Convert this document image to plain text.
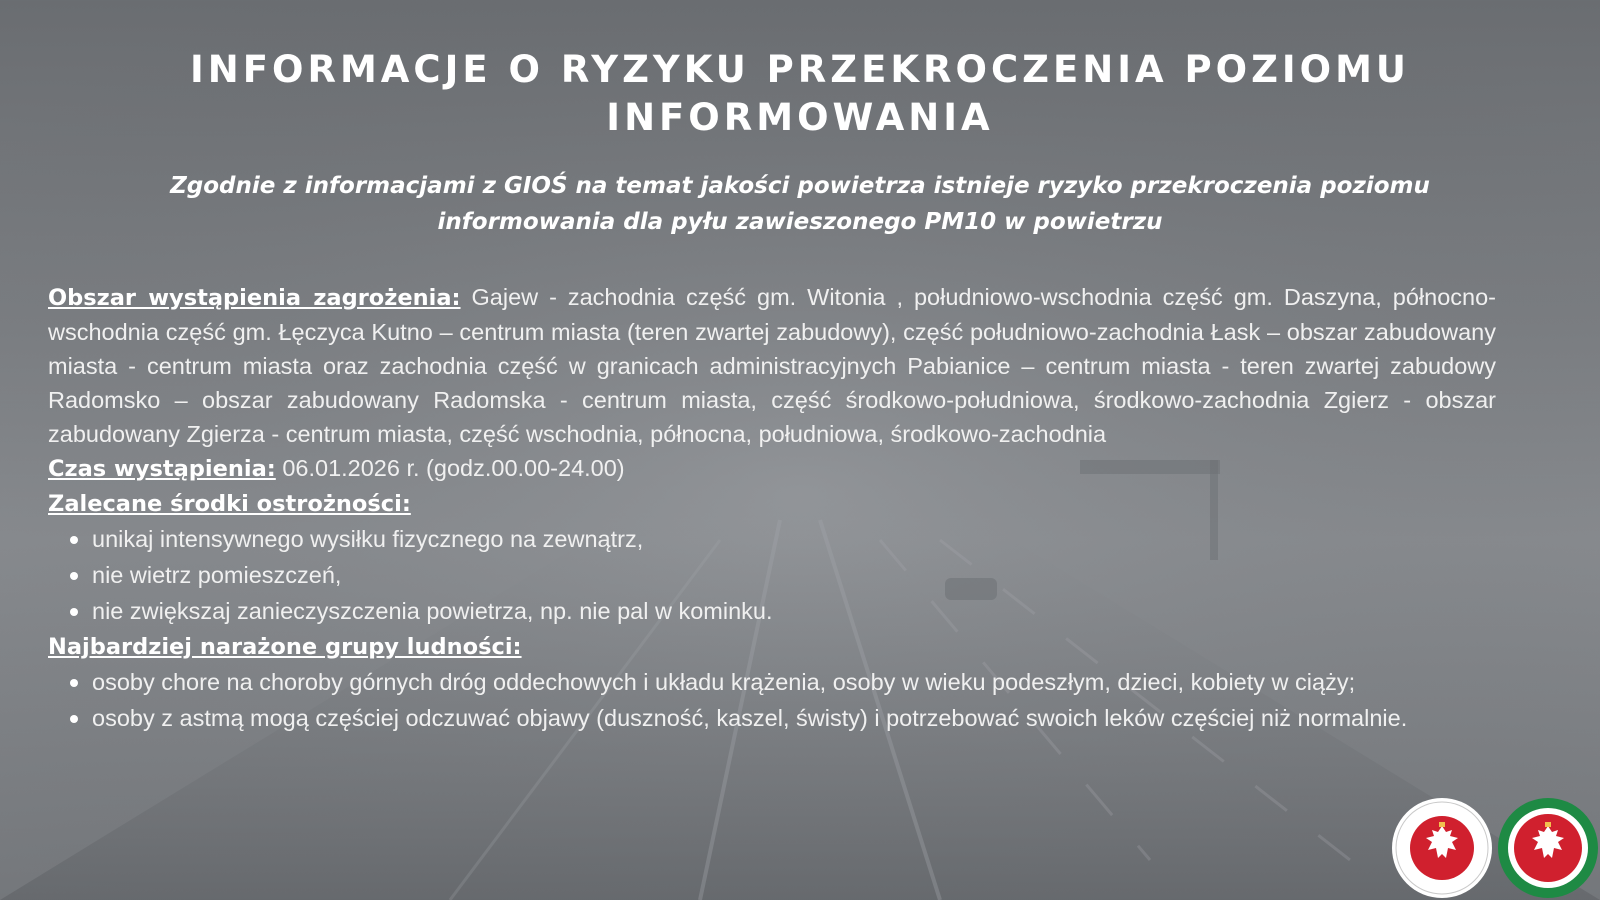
INFORMACJE O RYZYKU PRZEKROCZENIA POZIOMU INFORMOWANIA

Zgodnie z informacjami z GIOŚ na temat jakości powietrza istnieje ryzyko przekroczenia poziomu informowania dla pyłu zawieszonego PM10 w powietrzu

Obszar wystąpienia zagrożenia: Gajew - zachodnia część gm. Witonia , południowo-wschodnia część gm. Daszyna, północno-wschodnia część gm. Łęczyca Kutno – centrum miasta (teren zwartej zabudowy), część południowo-zachodnia Łask – obszar zabudowany miasta - centrum miasta oraz zachodnia część w granicach administracyjnych Pabianice – centrum miasta - teren zwartej zabudowy Radomsko – obszar zabudowany Radomska - centrum miasta, część środkowo-południowa, środkowo-zachodnia Zgierz - obszar zabudowany Zgierza - centrum miasta, część wschodnia, północna, południowa, środkowo-zachodnia

Czas wystąpienia: 06.01.2026 r. (godz.00.00-24.00)

Zalecane środki ostrożności:

unikaj intensywnego wysiłku fizycznego na zewnątrz,
nie wietrz pomieszczeń,
nie zwiększaj zanieczyszczenia powietrza, np. nie pal w kominku.

Najbardziej narażone grupy ludności:

osoby chore na choroby górnych dróg oddechowych i układu krążenia, osoby w wieku podeszłym, dzieci, kobiety w ciąży;
osoby z astmą mogą częściej odczuwać objawy (duszność, kaszel, świsty) i potrzebować swoich leków częściej niż normalnie.
